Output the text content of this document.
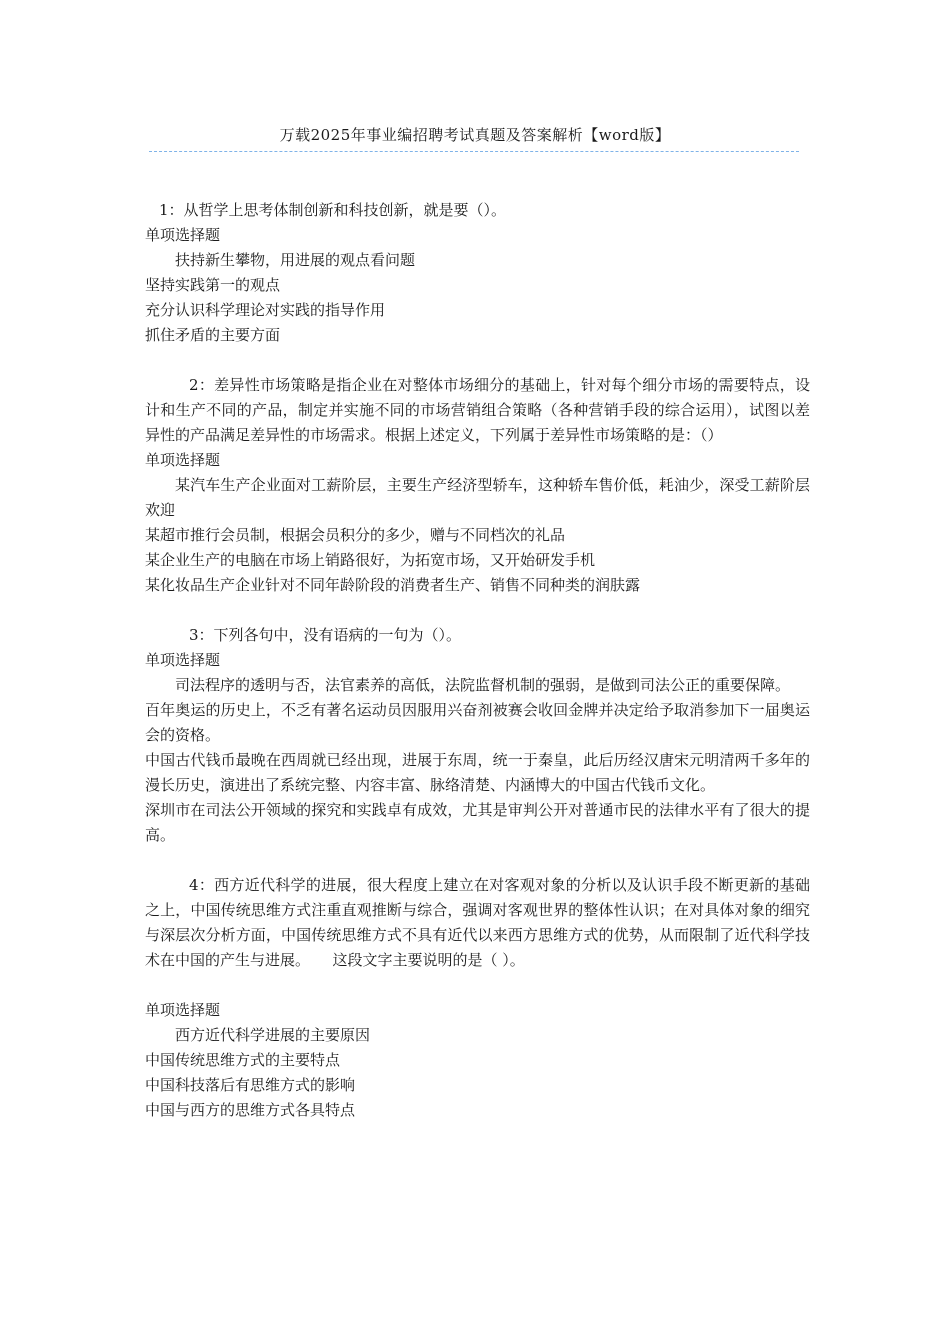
万载2025年事业编招聘考试真题及答案解析【word版】

1：从哲学上思考体制创新和科技创新，就是要（）。

单项选择题

扶持新生攀物，用进展的观点看问题

坚持实践第一的观点

充分认识科学理论对实践的指导作用

抓住矛盾的主要方面

2：差异性市场策略是指企业在对整体市场细分的基础上，针对每个细分市场的需要特点，设计和生产不同的产品，制定并实施不同的市场营销组合策略（各种营销手段的综合运用），试图以差异性的产品满足差异性的市场需求。根据上述定义，下列属于差异性市场策略的是：（）

单项选择题

某汽车生产企业面对工薪阶层，主要生产经济型轿车，这种轿车售价低，耗油少，深受工薪阶层欢迎

某超市推行会员制，根据会员积分的多少，赠与不同档次的礼品

某企业生产的电脑在市场上销路很好，为拓宽市场，又开始研发手机

某化妆品生产企业针对不同年龄阶段的消费者生产、销售不同种类的润肤露

3：下列各句中，没有语病的一句为（）。

单项选择题

司法程序的透明与否，法官素养的高低，法院监督机制的强弱，是做到司法公正的重要保障。

百年奥运的历史上，不乏有著名运动员因服用兴奋剂被赛会收回金牌并决定给予取消参加下一届奥运会的资格。

中国古代钱币最晚在西周就已经出现，进展于东周，统一于秦皇，此后历经汉唐宋元明清两千多年的漫长历史，演进出了系统完整、内容丰富、脉络清楚、内涵博大的中国古代钱币文化。

深圳市在司法公开领域的探究和实践卓有成效，尤其是审判公开对普通市民的法律水平有了很大的提高。

4：西方近代科学的进展，很大程度上建立在对客观对象的分析以及认识手段不断更新的基础之上，中国传统思维方式注重直观推断与综合，强调对客观世界的整体性认识；在对具体对象的细究与深层次分析方面，中国传统思维方式不具有近代以来西方思维方式的优势，从而限制了近代科学技术在中国的产生与进展。　　这段文字主要说明的是（ ）。

单项选择题

西方近代科学进展的主要原因

中国传统思维方式的主要特点

中国科技落后有思维方式的影响

中国与西方的思维方式各具特点
